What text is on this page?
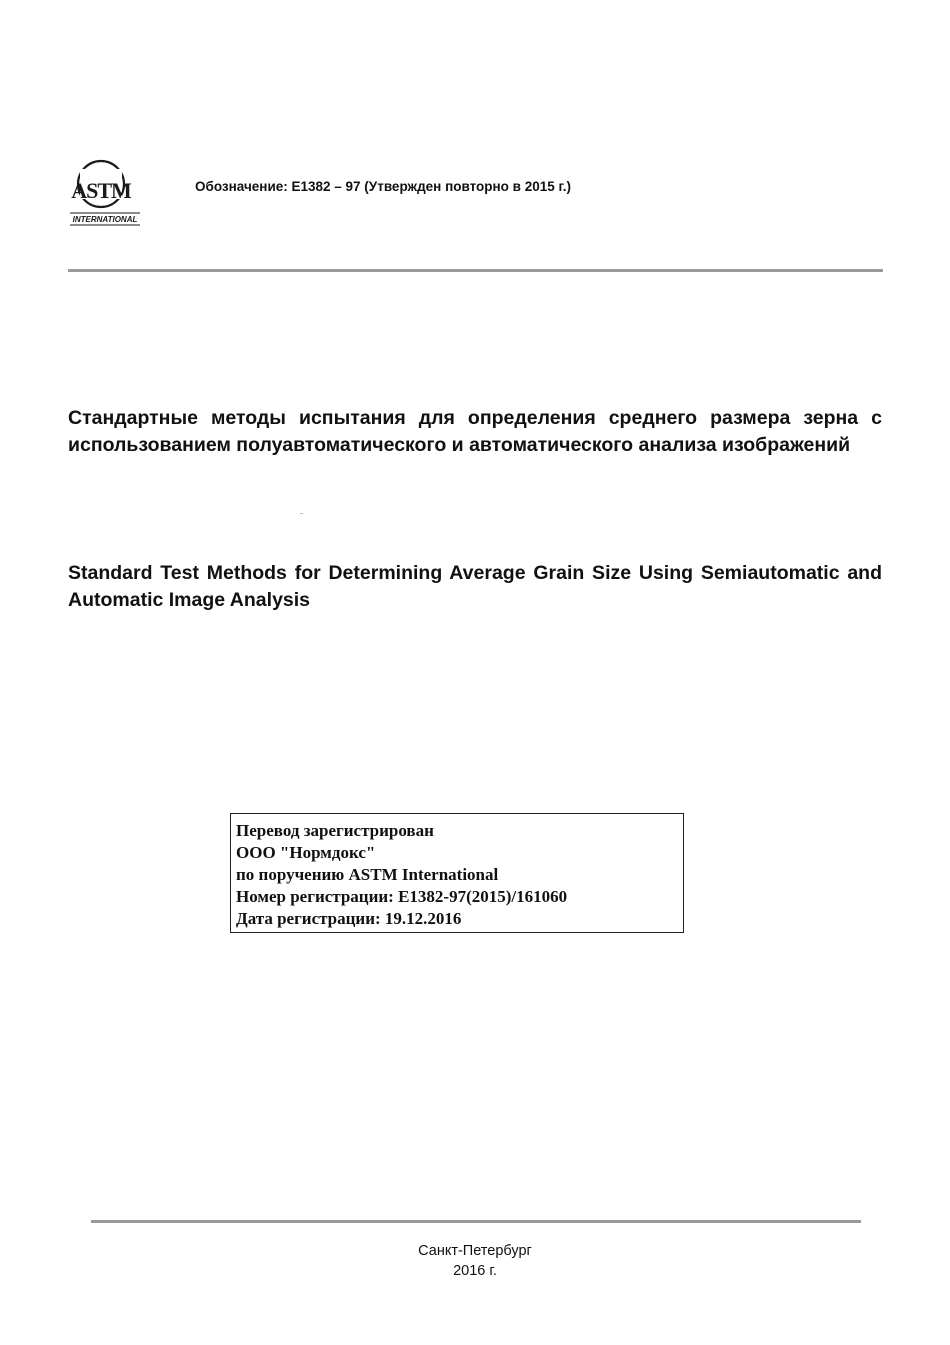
ASTM
INTERNATIONAL
Обозначение: E1382 – 97 (Утвержден повторно в 2015 г.)
Стандартные методы испытания для определения среднего размера зерна с использованием полуавтоматического и автоматического анализа изображений
Standard Test Methods for Determining Average Grain Size Using Semiautomatic and Automatic Image Analysis
Перевод зарегистрирован
ООО "Нормдокс"
по поручению ASTM International
Номер регистрации: E1382-97(2015)/161060
Дата регистрации: 19.12.2016
Санкт-Петербург
2016 г.
